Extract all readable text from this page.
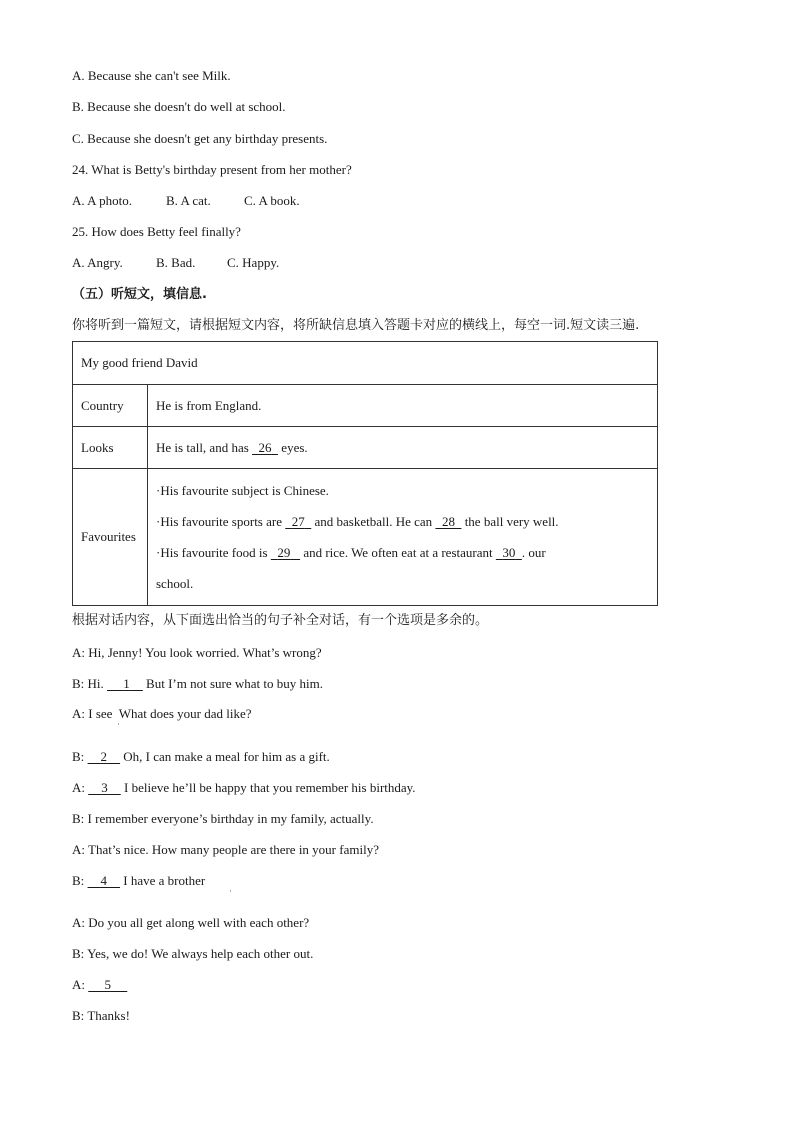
A. Because she can't see Milk.
B. Because she doesn't do well at school.
C. Because she doesn't get any birthday presents.
24. What is Betty's birthday present from her mother?
A. A photo.	B. A cat.	C. A book.
25. How does Betty feel finally?
A. Angry.	B. Bad. C. Happy.
（五）听短文，填信息.
你将听到一篇短文，请根据短文内容，将所缺信息填入答题卡对应的横线上，每空一词.短文读三遍.
My good friend David	
Country	He is from England.
Looks	He is tall, and has   26   eyes.
Favourites	·His favourite subject is Chinese.
·His favourite sports are   27   and basketball. He can   28   the ball very well.
·His favourite food is   29    and rice. We often eat at a restaurant   30 . our
school.
根据对话内容，从下面选出恰当的句子补全对话，有一个选项是多余的。
A: Hi, Jenny! You look worried. What’s wrong?
B: Hi.      1     But I’m not sure what to buy him.
A: I see  What does your dad like?
·
B: 2     Oh, I can make a meal for him as a gift.
A: 3     I believe he’ll be happy that you remember his birthday.
B: I remember everyone’s birthday in my family, actually.
A: That’s nice. How many people are there in your family?
B: 4     I have a brother
·
A: Do you all get along well with each other?
B: Yes, we do! We always help each other out.
A: 5
B: Thanks!
